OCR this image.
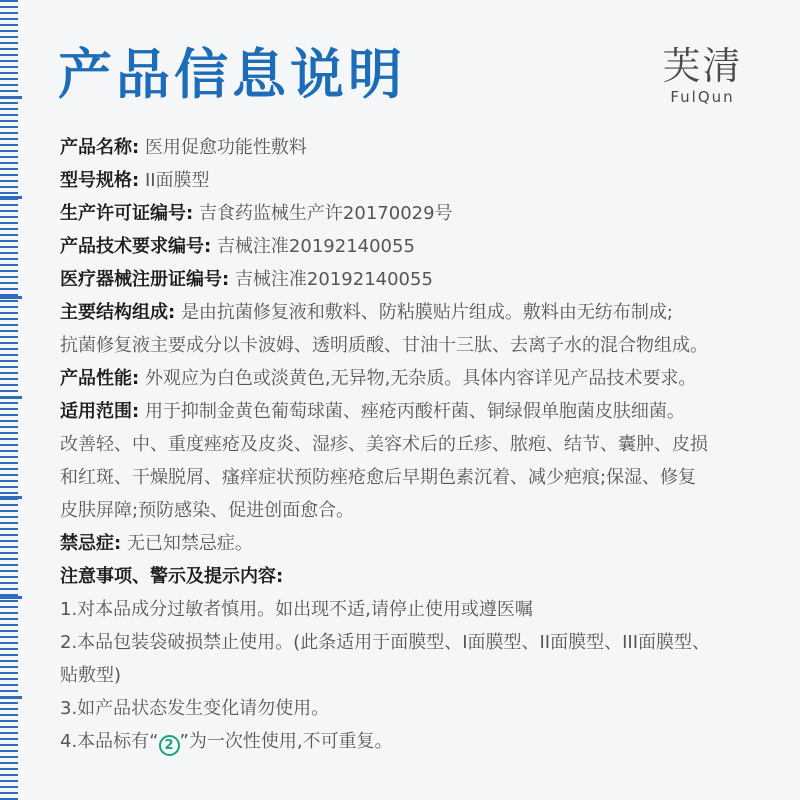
产品信息说明	芙清
FulQun
产品名称: 医用促愈功能性敷料
型号规格: II面膜型
生产许可证编号: 吉食药监械生产许20170029号
产品技术要求编号: 吉械注准20192140055
医疗器械注册证编号: 吉械注准20192140055
主要结构组成: 是由抗菌修复液和敷料、防粘膜贴片组成。敷料由无纺布制成;
抗菌修复液主要成分以卡波姆、透明质酸、甘油十三肽、去离子水的混合物组成。
产品性能: 外观应为白色或淡黄色,无异物,无杂质。具体内容详见产品技术要求。
适用范围: 用于抑制金黄色葡萄球菌、痤疮丙酸杆菌、铜绿假单胞菌皮肤细菌。
改善轻、中、重度痤疮及皮炎、湿疹、美容术后的丘疹、脓疱、结节、囊肿、皮损
和红斑、干燥脱屑、瘙痒症状预防痤疮愈后早期色素沉着、减少疤痕;保湿、修复
皮肤屏障;预防感染、促进创面愈合。
禁忌症: 无已知禁忌症。
注意事项、警示及提示内容:
1.对本品成分过敏者慎用。如出现不适,请停止使用或遵医嘱
2.本品包装袋破损禁止使用。(此条适用于面膜型、I面膜型、II面膜型、III面膜型、
贴敷型)
3.如产品状态发生变化请勿使用。
4.本品标有“ 2 ”为一次性使用,不可重复。
